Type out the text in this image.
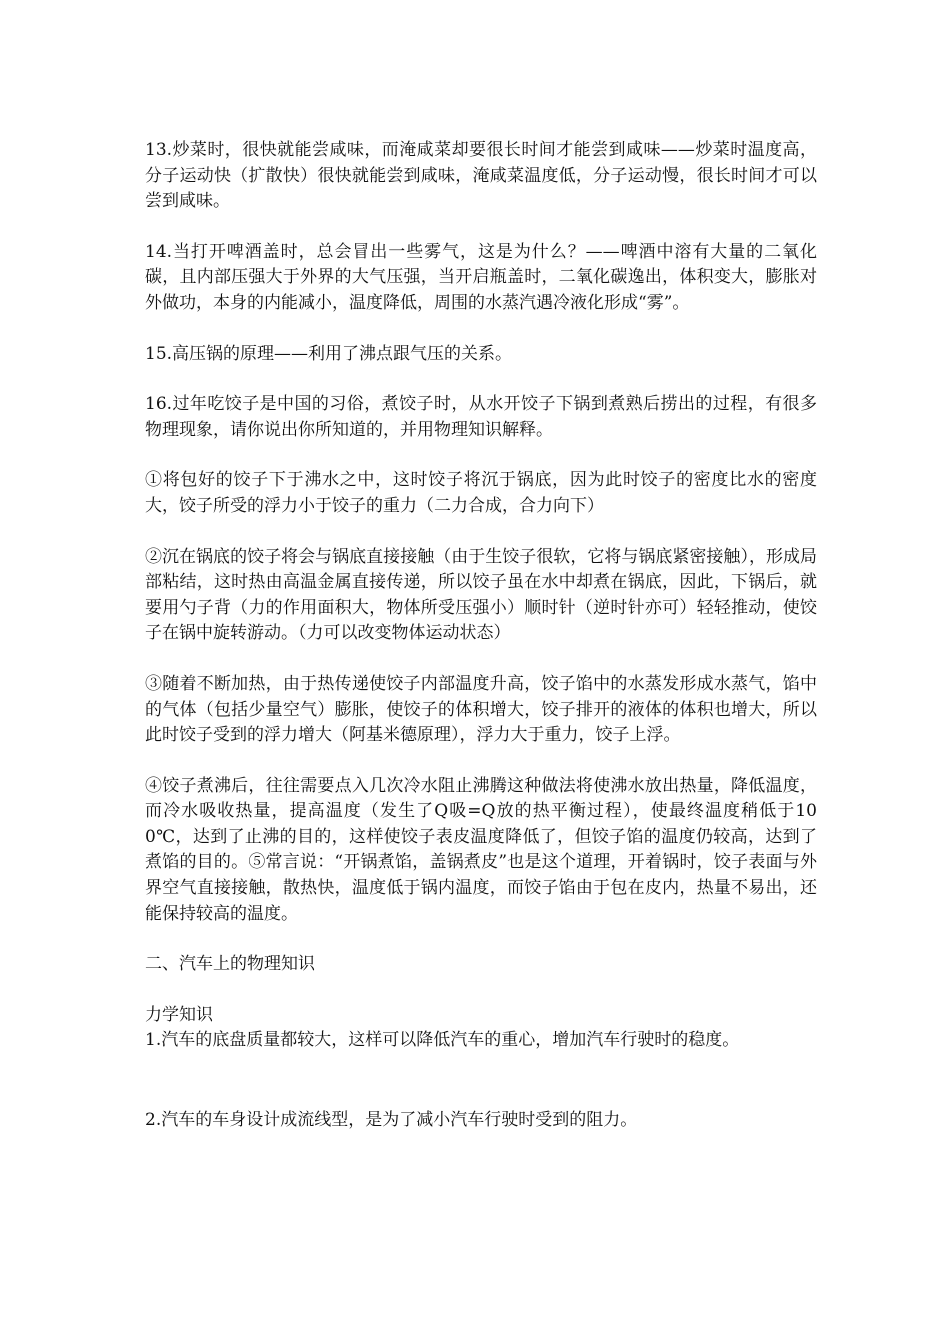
13.炒菜时，很快就能尝咸味，而淹咸菜却要很长时间才能尝到咸味——炒菜时温度高，分子运动快（扩散快）很快就能尝到咸味，淹咸菜温度低，分子运动慢，很长时间才可以尝到咸味。

14.当打开啤酒盖时，总会冒出一些雾气，这是为什么？——啤酒中溶有大量的二氧化碳，且内部压强大于外界的大气压强，当开启瓶盖时，二氧化碳逸出，体积变大，膨胀对外做功，本身的内能减小，温度降低，周围的水蒸汽遇冷液化形成“雾”。

15.高压锅的原理——利用了沸点跟气压的关系。

16.过年吃饺子是中国的习俗，煮饺子时，从水开饺子下锅到煮熟后捞出的过程，有很多物理现象，请你说出你所知道的，并用物理知识解释。

①将包好的饺子下于沸水之中，这时饺子将沉于锅底，因为此时饺子的密度比水的密度大，饺子所受的浮力小于饺子的重力（二力合成，合力向下）

②沉在锅底的饺子将会与锅底直接接触（由于生饺子很软，它将与锅底紧密接触），形成局部粘结，这时热由高温金属直接传递，所以饺子虽在水中却煮在锅底，因此，下锅后，就要用勺子背（力的作用面积大，物体所受压强小）顺时针（逆时针亦可）轻轻推动，使饺子在锅中旋转游动。（力可以改变物体运动状态）

③随着不断加热，由于热传递使饺子内部温度升高，饺子馅中的水蒸发形成水蒸气，馅中的气体（包括少量空气）膨胀，使饺子的体积增大，饺子排开的液体的体积也增大，所以此时饺子受到的浮力增大（阿基米德原理），浮力大于重力，饺子上浮。

④饺子煮沸后，往往需要点入几次冷水阻止沸腾这种做法将使沸水放出热量，降低温度，而冷水吸收热量，提高温度（发生了Q吸=Q放的热平衡过程），使最终温度稍低于100℃，达到了止沸的目的，这样使饺子表皮温度降低了，但饺子馅的温度仍较高，达到了煮馅的目的。⑤常言说：“开锅煮馅，盖锅煮皮”也是这个道理，开着锅时，饺子表面与外界空气直接接触，散热快，温度低于锅内温度，而饺子馅由于包在皮内，热量不易出，还能保持较高的温度。

二、汽车上的物理知识

力学知识

1.汽车的底盘质量都较大，这样可以降低汽车的重心，增加汽车行驶时的稳度。

2.汽车的车身设计成流线型，是为了减小汽车行驶时受到的阻力。
